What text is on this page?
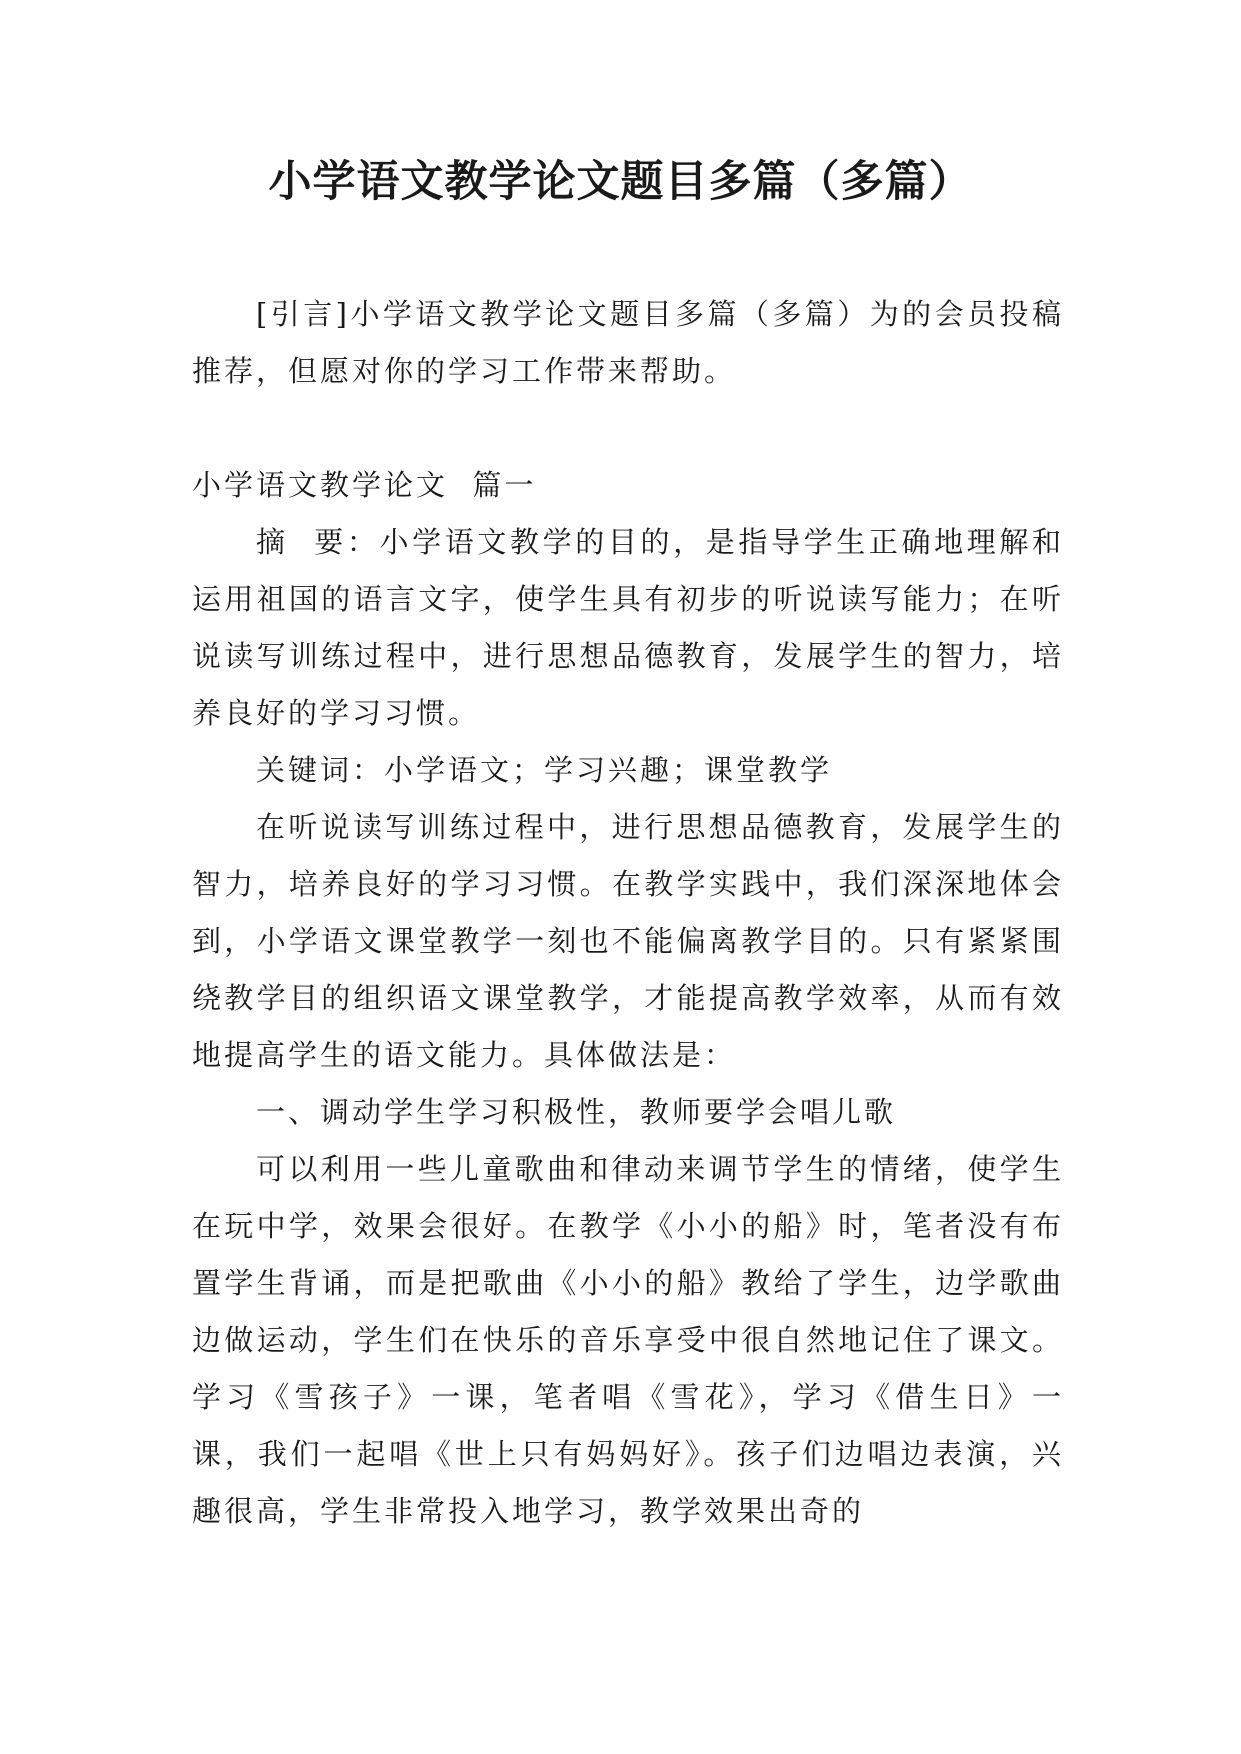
小学语文教学论文题目多篇（多篇）

[引言]小学语文教学论文题目多篇（多篇）为的会员投稿推荐，但愿对你的学习工作带来帮助。

小学语文教学论文  篇一

摘  要：小学语文教学的目的，是指导学生正确地理解和运用祖国的语言文字，使学生具有初步的听说读写能力；在听说读写训练过程中，进行思想品德教育，发展学生的智力，培养良好的学习习惯。

关键词：小学语文；学习兴趣；课堂教学

在听说读写训练过程中，进行思想品德教育，发展学生的智力，培养良好的学习习惯。在教学实践中，我们深深地体会到，小学语文课堂教学一刻也不能偏离教学目的。只有紧紧围绕教学目的组织语文课堂教学，才能提高教学效率，从而有效地提高学生的语文能力。具体做法是：

一、调动学生学习积极性，教师要学会唱儿歌

可以利用一些儿童歌曲和律动来调节学生的情绪，使学生在玩中学，效果会很好。在教学《小小的船》时，笔者没有布置学生背诵，而是把歌曲《小小的船》教给了学生，边学歌曲边做运动，学生们在快乐的音乐享受中很自然地记住了课文。学习《雪孩子》一课，笔者唱《雪花》，学习《借生日》一课，我们一起唱《世上只有妈妈好》。孩子们边唱边表演，兴趣很高，学生非常投入地学习，教学效果出奇的
